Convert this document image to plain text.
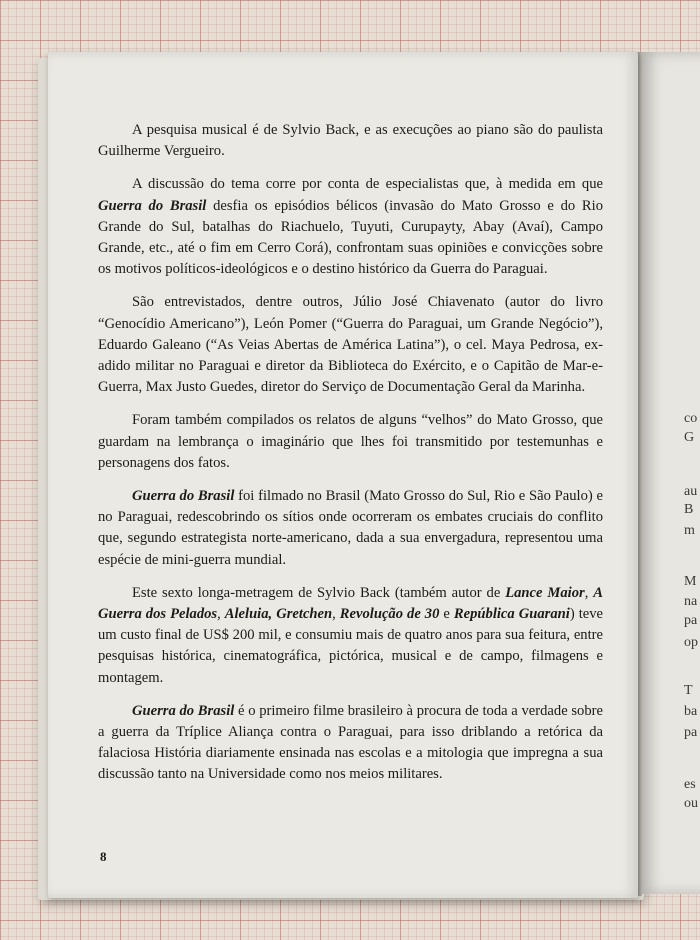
A pesquisa musical é de Sylvio Back, e as execuções ao piano são do paulista Guilherme Vergueiro.

A discussão do tema corre por conta de especialistas que, à medida em que Guerra do Brasil desfia os episódios bélicos (invasão do Mato Grosso e do Rio Grande do Sul, batalhas do Riachuelo, Tuyuti, Curupayty, Abay (Avaí), Campo Grande, etc., até o fim em Cerro Corá), confrontam suas opiniões e convicções sobre os motivos políticos-ideológicos e o destino histórico da Guerra do Paraguai.

São entrevistados, dentre outros, Júlio José Chiavenato (autor do livro “Genocídio Americano”), León Pomer (“Guerra do Paraguai, um Grande Negócio”), Eduardo Galeano (“As Veias Abertas de América Latina”), o cel. Maya Pedrosa, ex-adido militar no Paraguai e diretor da Biblioteca do Exército, e o Capitão de Mar-e-Guerra, Max Justo Guedes, diretor do Serviço de Documentação Geral da Marinha.

Foram também compilados os relatos de alguns “velhos” do Mato Grosso, que guardam na lembrança o imaginário que lhes foi transmitido por testemunhas e personagens dos fatos.

Guerra do Brasil foi filmado no Brasil (Mato Grosso do Sul, Rio e São Paulo) e no Paraguai, redescobrindo os sítios onde ocorreram os embates cruciais do conflito que, segundo estrategista norte-americano, dada a sua envergadura, representou uma espécie de mini-guerra mundial.

Este sexto longa-metragem de Sylvio Back (também autor de Lance Maior, A Guerra dos Pelados, Aleluia, Gretchen, Revolução de 30 e República Guarani) teve um custo final de US$ 200 mil, e consumiu mais de quatro anos para sua feitura, entre pesquisas histórica, cinematográfica, pictórica, musical e de campo, filmagens e montagem.

Guerra do Brasil é o primeiro filme brasileiro à procura de toda a verdade sobre a guerra da Tríplice Aliança contra o Paraguai, para isso driblando a retórica da falaciosa História diariamente ensinada nas escolas e a mitologia que impregna a sua discussão tanto na Universidade como nos meios militares.

8
co
G
au
B
m
M
na
pa
op
T
ba
pa
es
ou
